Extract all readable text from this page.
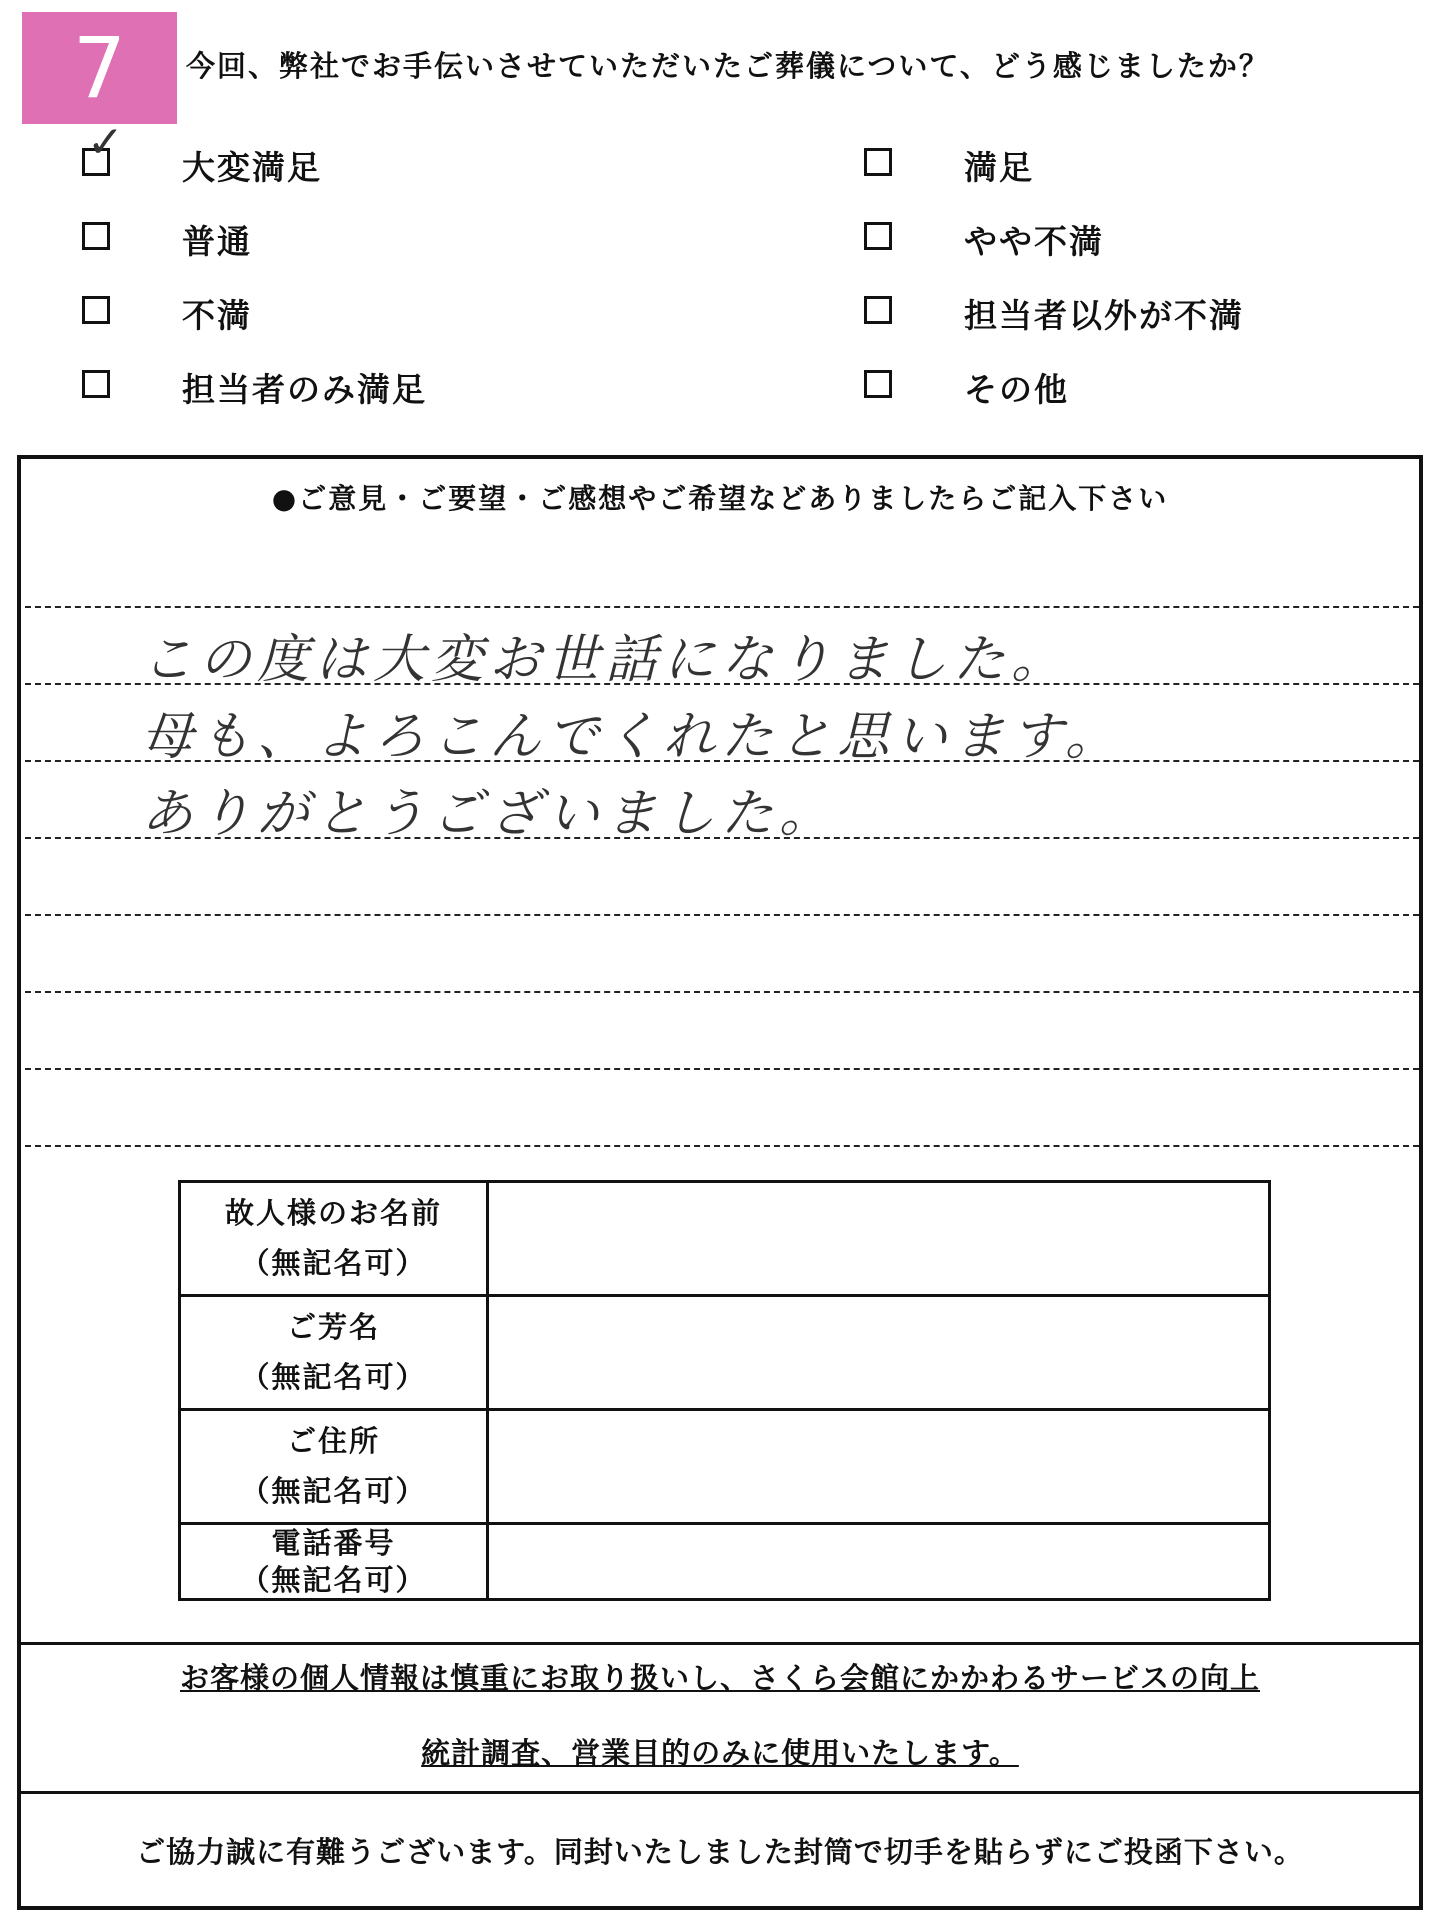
7	今回、弊社でお手伝いさせていただいたご葬儀について、どう感じましたか？
✓ 大変満足
普通
不満
担当者のみ満足
満足
やや不満
担当者以外が不満
その他
●ご意見・ご要望・ご感想やご希望などありましたらご記入下さい
この度は大変お世話になりました。
母も、よろこんでくれたと思います。
ありがとうございました。
故人様のお名前
（無記名可）	

ご芳名
（無記名可）	

ご住所
（無記名可）	

電話番号
（無記名可）	

お客様の個人情報は慎重にお取り扱いし、さくら会館にかかわるサービスの向上
統計調査、営業目的のみに使用いたします。
ご協力誠に有難うございます。同封いたしました封筒で切手を貼らずにご投函下さい。
